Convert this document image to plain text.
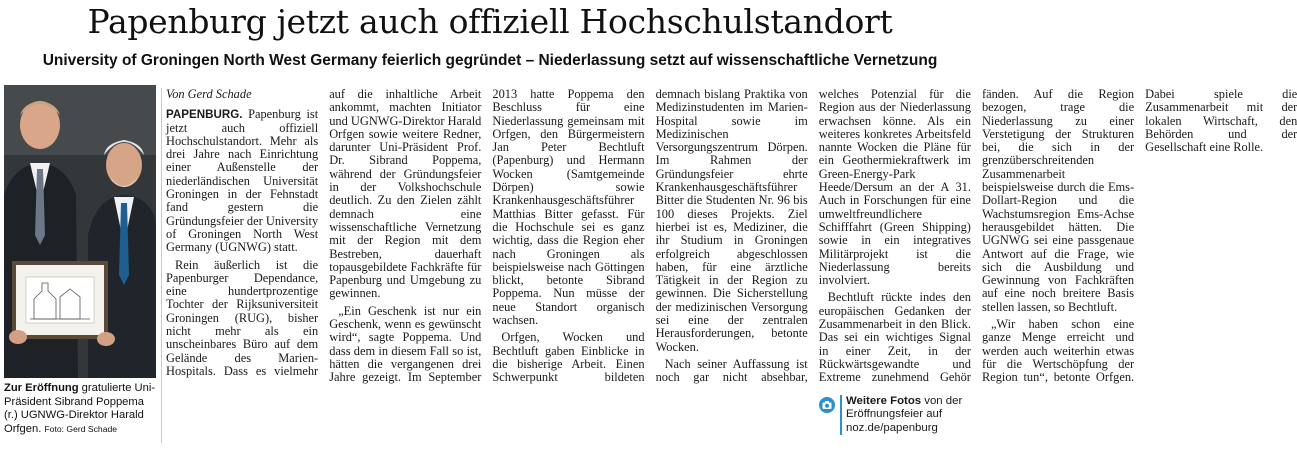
Papenburg jetzt auch offiziell Hochschulstandort
University of Groningen North West Germany feierlich gegründet – Niederlassung setzt auf wissenschaftliche Vernetzung
Zur Eröffnung gratulierte Uni-Präsident Sibrand Poppema (r.) UGNWG-Direktor Harald Orfgen. Foto: Gerd Schade

Von Gerd Schade

PAPENBURG. Papenburg ist jetzt auch offiziell Hochschulstandort. Mehr als drei Jahre nach Einrichtung einer Außenstelle der niederländischen Universität Groningen in der Fehnstadt fand gestern die Gründungsfeier der University of Groningen North West Germany (UGNWG) statt.

Rein äußerlich ist die Papenburger Dependance, eine hundertprozentige Tochter der Rijksuniversiteit Groningen (RUG), bisher nicht mehr als ein unscheinbares Büro auf dem Gelände des Marien-Hospitals. Dass es vielmehr auf die inhaltliche Arbeit ankommt, machten Initiator und UGNWG-Direktor Harald Orfgen sowie weitere Redner, darunter Uni-Präsident Prof. Dr. Sibrand Poppema, während der Gründungsfeier in der Volkshochschule deutlich. Zu den Zielen zählt demnach eine wissenschaftliche Vernetzung mit der Region mit dem Bestreben, dauerhaft topausgebildete Fachkräfte für Papenburg und Umgebung zu gewinnen.

„Ein Geschenk ist nur ein Geschenk, wenn es gewünscht wird“, sagte Poppema. Und dass dem in diesem Fall so ist, hätten die vergangenen drei Jahre gezeigt. Im September 2013 hatte Poppema den Beschluss für eine Niederlassung gemeinsam mit Orfgen, den Bürgermeistern Jan Peter Bechtluft (Papenburg) und Hermann Wocken (Samtgemeinde Dörpen) sowie Krankenhausgeschäftsführer Matthias Bitter gefasst. Für die Hochschule sei es ganz wichtig, dass die Region eher nach Groningen als beispielsweise nach Göttingen blickt, betonte Sibrand Poppema. Nun müsse der neue Standort organisch wachsen.

Orfgen, Wocken und Bechtluft gaben Einblicke in die bisherige Arbeit. Einen Schwerpunkt bildeten demnach bislang Praktika von Medizinstudenten im Marien-Hospital sowie im Medizinischen Versorgungszentrum Dörpen. Im Rahmen der Gründungsfeier ehrte Krankenhausgeschäftsführer Bitter die Studenten Nr. 96 bis 100 dieses Projekts. Ziel hierbei ist es, Mediziner, die ihr Studium in Groningen erfolgreich abgeschlossen haben, für eine ärztliche Tätigkeit in der Region zu gewinnen. Die Sicherstellung der medizinischen Versorgung sei eine der zentralen Herausforderungen, betonte Wocken.

Nach seiner Auffassung ist noch gar nicht absehbar, welches Potenzial für die Region aus der Niederlassung erwachsen könne. Als ein weiteres konkretes Arbeitsfeld nannte Wocken die Pläne für ein Geothermiekraftwerk im Green-Energy-Park Heede/Dersum an der A 31. Auch in Forschungen für eine umweltfreundlichere Schifffahrt (Green Shipping) sowie in ein integratives Militärprojekt ist die Niederlassung bereits involviert.

Bechtluft rückte indes den europäischen Gedanken der Zusammenarbeit in den Blick. Das sei ein wichtiges Signal in einer Zeit, in der Rückwärtsgewandte und Extreme zunehmend Gehör fänden. Auf die Region bezogen, trage die Niederlassung zu einer Verstetigung der Strukturen bei, die sich in der grenzüberschreitenden Zusammenarbeit beispielsweise durch die Ems-Dollart-Region und die Wachstumsregion Ems-Achse herausgebildet hätten. Die UGNWG sei eine passgenaue Antwort auf die Frage, wie sich die Ausbildung und Gewinnung von Fachkräften auf eine noch breitere Basis stellen lassen, so Bechtluft.

„Wir haben schon eine ganze Menge erreicht und werden auch weiterhin etwas für die Wertschöpfung der Region tun“, betonte Orfgen. Dabei spiele die Zusammenarbeit mit der lokalen Wirtschaft, den Behörden und der Gesellschaft eine Rolle.

Weitere Fotos von der Eröffnungsfeier auf noz.de/papenburg
